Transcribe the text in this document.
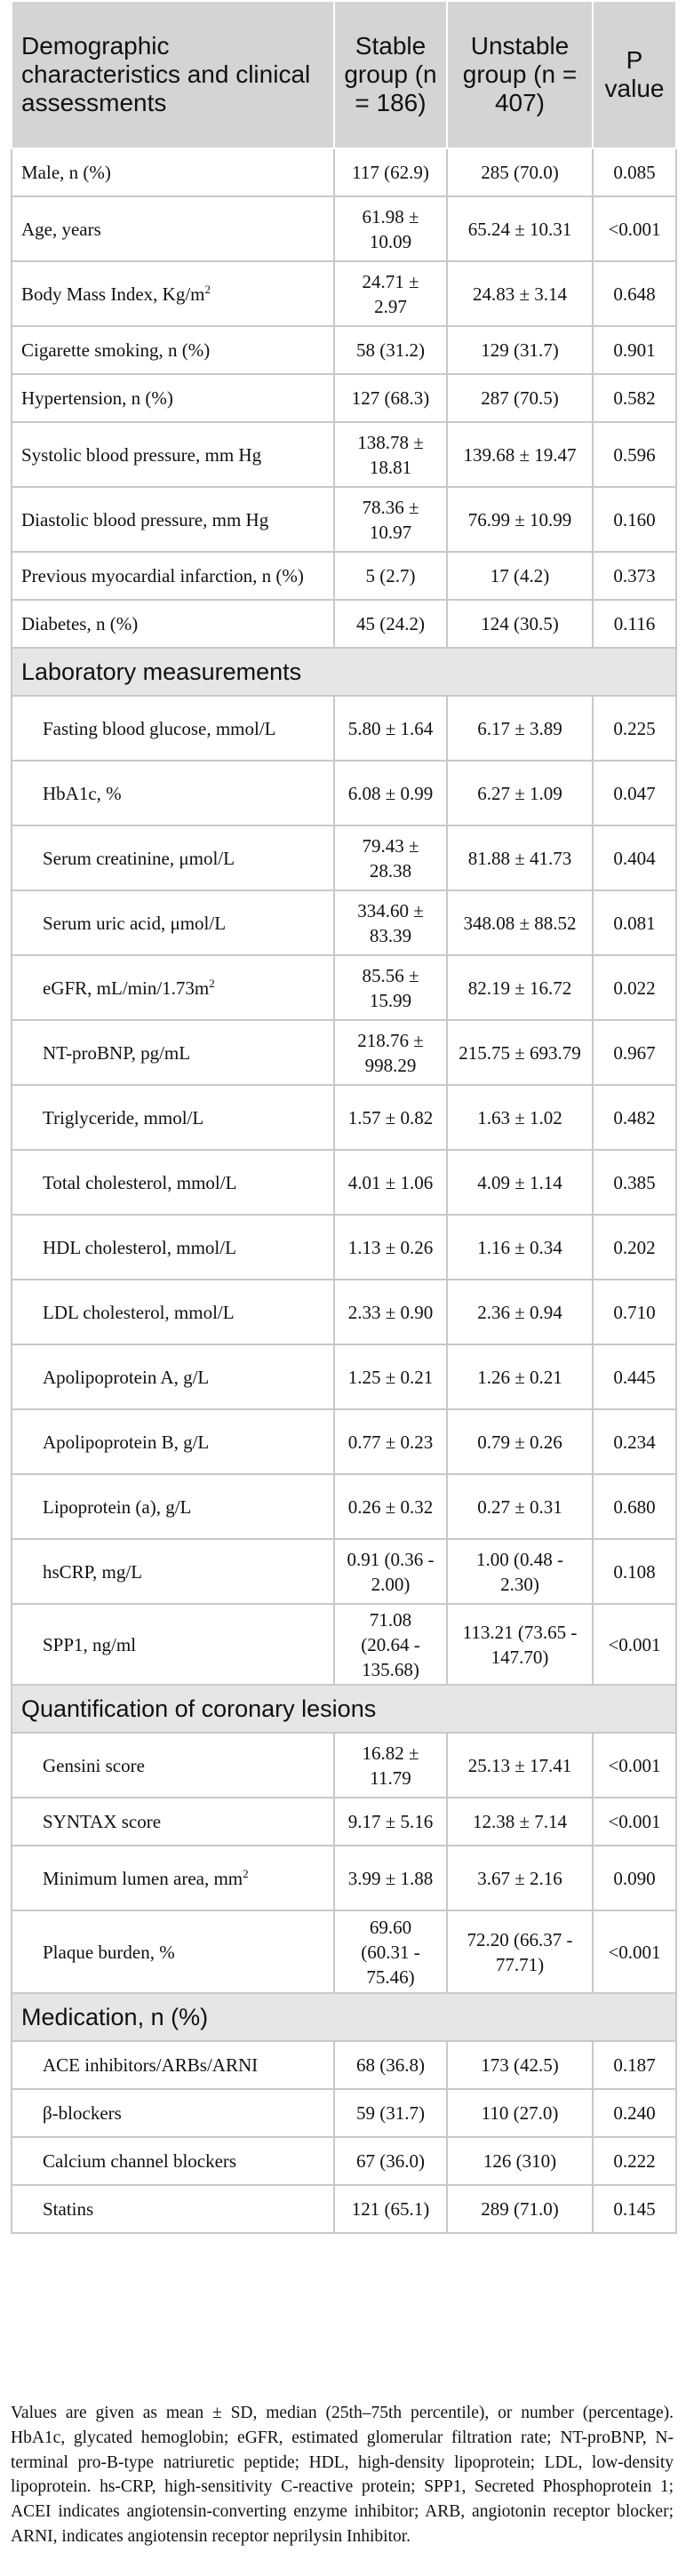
Demographic characteristics and clinical assessments	Stable group (n = 186)	Unstable group (n = 407)	P value
Male, n (%)	117 (62.9)	285 (70.0)	0.085
Age, years	61.98 ± 10.09	65.24 ± 10.31	<0.001
Body Mass Index, $Kg/m^2$	24.71 ± 2.97	24.83 ± 3.14	0.648
Cigarette smoking, n (%)	58 (31.2)	129 (31.7)	0.901
Hypertension, n (%)	127 (68.3)	287 (70.5)	0.582
Systolic blood pressure, mm Hg	138.78 ± 18.81	139.68 ± 19.47	0.596
Diastolic blood pressure, mm Hg	78.36 ± 10.97	76.99 ± 10.99	0.160
Previous myocardial infarction, n (%)	5 (2.7)	17 (4.2)	0.373
Diabetes, n (%)	45 (24.2)	124 (30.5)	0.116
Laboratory measurements			
Fasting blood glucose, mmol/L	5.80 ± 1.64	6.17 ± 3.89	0.225
HbA1c, %	6.08 ± 0.99	6.27 ± 1.09	0.047
Serum creatinine, μmol/L	79.43 ± 28.38	81.88 ± 41.73	0.404
Serum uric acid, μmol/L	334.60 ± 83.39	348.08 ± 88.52	0.081
eGFR, $mL/\min/1.73m^2$	85.56 ± 15.99	82.19 ± 16.72	0.022
NT-proBNP, pg/mL	218.76 ± 998.29	215.75 ± 693.79	0.967
Triglyceride, mmol/L	1.57 ± 0.82	1.63 ± 1.02	0.482
Total cholesterol, mmol/L	4.01 ± 1.06	4.09 ± 1.14	0.385
HDL cholesterol, mmol/L	1.13 ± 0.26	1.16 ± 0.34	0.202
LDL cholesterol, mmol/L	2.33 ± 0.90	2.36 ± 0.94	0.710
Apolipoprotein A, g/L	1.25 ± 0.21	1.26 ± 0.21	0.445
Apolipoprotein B, g/L	0.77 ± 0.23	0.79 ± 0.26	0.234
Lipoprotein (a), g/L	0.26 ± 0.32	0.27 ± 0.31	0.680
hsCRP, mg/L	0.91 (0.36 - 2.00)	1.00 (0.48 - 2.30)	0.108
SPP1, ng/ml	71.08 (20.64 - 135.68)	113.21 (73.65 - 147.70)	<0.001
Quantification of coronary lesions			
Gensini score	16.82 ± 11.79	25.13 ± 17.41	<0.001
SYNTAX score	9.17 ± 5.16	12.38 ± 7.14	<0.001
Minimum lumen area, $mm^2$	3.99 ± 1.88	3.67 ± 2.16	0.090
Plaque burden, %	69.60 (60.31 - 75.46)	72.20 (66.37 - 77.71)	<0.001
Medication, n (%)			
ACE inhibitors/ARBs/ARNI	68 (36.8)	173 (42.5)	0.187
β-blockers	59 (31.7)	110 (27.0)	0.240
Calcium channel blockers	67 (36.0)	126 (310)	0.222
Statins	121 (65.1)	289 (71.0)	0.145
Values are given as mean ± SD, median (25th–75th percentile), or number (percentage). HbA1c, glycated hemoglobin; eGFR, estimated glomerular filtration rate; NT-proBNP, N-terminal pro-B-type natriuretic peptide; HDL, high-density lipoprotein; LDL, low-density lipoprotein. hs-CRP, high-sensitivity C-reactive protein; SPP1, Secreted Phosphoprotein 1; ACEI indicates angiotensin-converting enzyme inhibitor; ARB, angiotonin receptor blocker; ARNI, indicates angiotensin receptor neprilysin Inhibitor.
